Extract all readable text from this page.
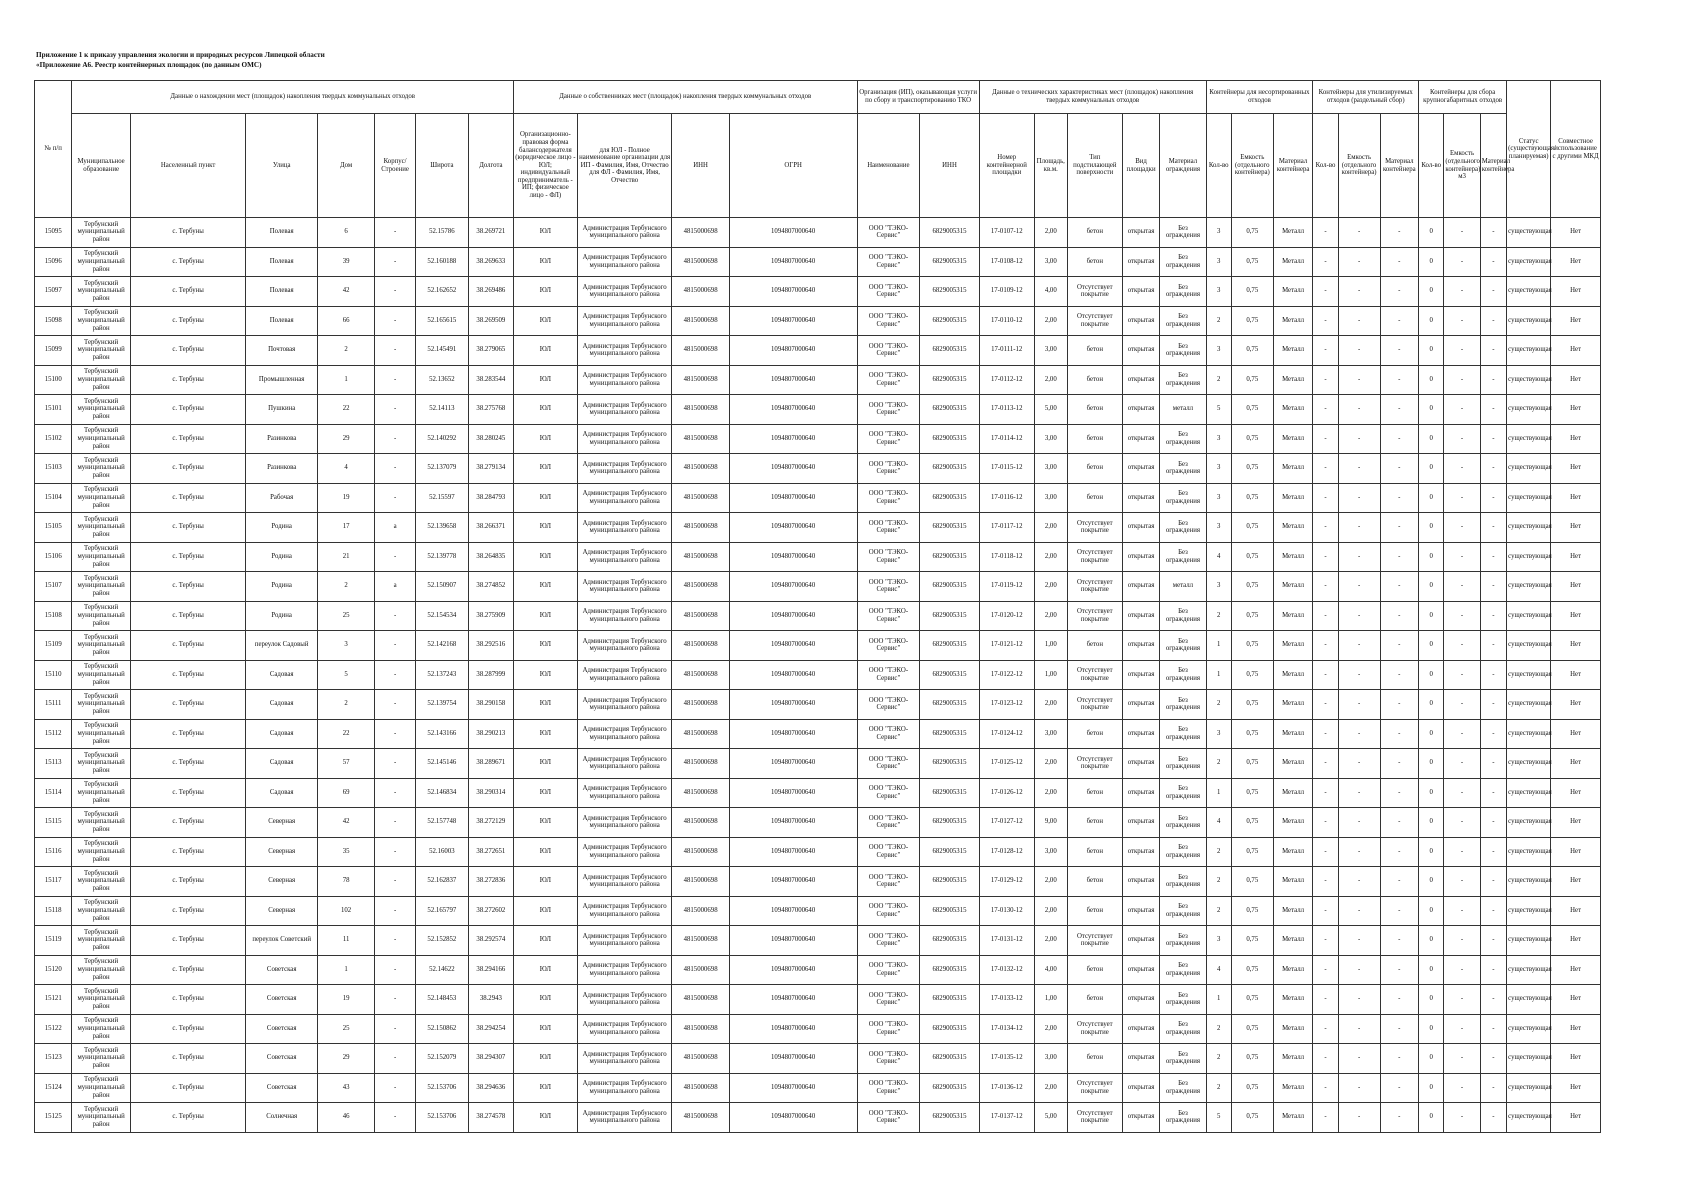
Приложение 1 к приказу управления экологии и природных ресурсов Липецкой области
«Приложение А6. Реестр контейнерных площадок (по данным ОМС)
№ п/п	Данные о нахождении мест (площадок) накопления твердых коммунальных отходов							Данные о собственниках мест (площадок) накопления твердых коммунальных отходов				Организация (ИП), оказывающая услуги по сбору и транспортированию ТКО		Данные о технических характеристиках мест (площадок) накопления твердых коммунальных отходов					Контейнеры для несортированных отходов			Контейнеры для утилизируемых отходов (раздельный сбор)			Контейнеры для сбора крупногабаритных отходов			Статус (существующая/ планируемая)	Совместное использование с другими МКД
	Муниципальное образование	Населенный пункт	Улица	Дом	Корпус/Строение	Широта	Долгота	Организационно-правовая форма балансодержателя (юридическое лицо - ЮЛ; индивидуальный предприниматель - ИП; физическое лицо - ФЛ)	для ЮЛ - Полное наименование организации для ИП - Фамилия, Имя, Отчество для ФЛ - Фамилия, Имя, Отчество	ИНН	ОГРН	Наименование	ИНН	Номер контейнерной площадки	Площадь, кв.м.	Тип подстилающей поверхности	Вид площадки	Материал ограждения	Кол-во	Емкость (отдельного контейнера)	Материал контейнера	Кол-во	Емкость (отдельного контейнера)	Материал контейнера	Кол-во	Емкость (отдельного контейнера) м3	Материал контейнера		
15095	Тербунский муниципальный район	с. Тербуны	Полевая	6	-	52.15786	38.269721	ЮЛ	Администрация Тербунского муниципального района	4815000698	1094807000640	ООО "ТЭКО-Сервис"	6829005315	17-0107-12	2,00	бетон	открытая	Без ограждения	3	0,75	Металл	-	-	-	0	-	-	существующая	Нет
15096	Тербунский муниципальный район	с. Тербуны	Полевая	39	-	52.160188	38.269633	ЮЛ	Администрация Тербунского муниципального района	4815000698	1094807000640	ООО "ТЭКО-Сервис"	6829005315	17-0108-12	3,00	бетон	открытая	Без ограждения	3	0,75	Металл	-	-	-	0	-	-	существующая	Нет
15097	Тербунский муниципальный район	с. Тербуны	Полевая	42	-	52.162652	38.269486	ЮЛ	Администрация Тербунского муниципального района	4815000698	1094807000640	ООО "ТЭКО-Сервис"	6829005315	17-0109-12	4,00	Отсутствует покрытие	открытая	Без ограждения	3	0,75	Металл	-	-	-	0	-	-	существующая	Нет
15098	Тербунский муниципальный район	с. Тербуны	Полевая	66	-	52.165615	38.269509	ЮЛ	Администрация Тербунского муниципального района	4815000698	1094807000640	ООО "ТЭКО-Сервис"	6829005315	17-0110-12	2,00	Отсутствует покрытие	открытая	Без ограждения	2	0,75	Металл	-	-	-	0	-	-	существующая	Нет
15099	Тербунский муниципальный район	с. Тербуны	Почтовая	2	-	52.145491	38.279065	ЮЛ	Администрация Тербунского муниципального района	4815000698	1094807000640	ООО "ТЭКО-Сервис"	6829005315	17-0111-12	3,00	бетон	открытая	Без ограждения	3	0,75	Металл	-	-	-	0	-	-	существующая	Нет
15100	Тербунский муниципальный район	с. Тербуны	Промышленная	1	-	52.13652	38.283544	ЮЛ	Администрация Тербунского муниципального района	4815000698	1094807000640	ООО "ТЭКО-Сервис"	6829005315	17-0112-12	2,00	бетон	открытая	Без ограждения	2	0,75	Металл	-	-	-	0	-	-	существующая	Нет
15101	Тербунский муниципальный район	с. Тербуны	Пушкина	22	-	52.14113	38.275768	ЮЛ	Администрация Тербунского муниципального района	4815000698	1094807000640	ООО "ТЭКО-Сервис"	6829005315	17-0113-12	5,00	бетон	открытая	металл	5	0,75	Металл	-	-	-	0	-	-	существующая	Нет
15102	Тербунский муниципальный район	с. Тербуны	Разинкова	29	-	52.140292	38.280245	ЮЛ	Администрация Тербунского муниципального района	4815000698	1094807000640	ООО "ТЭКО-Сервис"	6829005315	17-0114-12	3,00	бетон	открытая	Без ограждения	3	0,75	Металл	-	-	-	0	-	-	существующая	Нет
15103	Тербунский муниципальный район	с. Тербуны	Разинкова	4	-	52.137079	38.279134	ЮЛ	Администрация Тербунского муниципального района	4815000698	1094807000640	ООО "ТЭКО-Сервис"	6829005315	17-0115-12	3,00	бетон	открытая	Без ограждения	3	0,75	Металл	-	-	-	0	-	-	существующая	Нет
15104	Тербунский муниципальный район	с. Тербуны	Рабочая	19	-	52.15597	38.284793	ЮЛ	Администрация Тербунского муниципального района	4815000698	1094807000640	ООО "ТЭКО-Сервис"	6829005315	17-0116-12	3,00	бетон	открытая	Без ограждения	3	0,75	Металл	-	-	-	0	-	-	существующая	Нет
15105	Тербунский муниципальный район	с. Тербуны	Родина	17	а	52.139658	38.266371	ЮЛ	Администрация Тербунского муниципального района	4815000698	1094807000640	ООО "ТЭКО-Сервис"	6829005315	17-0117-12	2,00	Отсутствует покрытие	открытая	Без ограждения	3	0,75	Металл	-	-	-	0	-	-	существующая	Нет
15106	Тербунский муниципальный район	с. Тербуны	Родина	21	-	52.139778	38.264835	ЮЛ	Администрация Тербунского муниципального района	4815000698	1094807000640	ООО "ТЭКО-Сервис"	6829005315	17-0118-12	2,00	Отсутствует покрытие	открытая	Без ограждения	4	0,75	Металл	-	-	-	0	-	-	существующая	Нет
15107	Тербунский муниципальный район	с. Тербуны	Родина	2	а	52.150907	38.274852	ЮЛ	Администрация Тербунского муниципального района	4815000698	1094807000640	ООО "ТЭКО-Сервис"	6829005315	17-0119-12	2,00	Отсутствует покрытие	открытая	металл	3	0,75	Металл	-	-	-	0	-	-	существующая	Нет
15108	Тербунский муниципальный район	с. Тербуны	Родина	25	-	52.154534	38.275909	ЮЛ	Администрация Тербунского муниципального района	4815000698	1094807000640	ООО "ТЭКО-Сервис"	6829005315	17-0120-12	2,00	Отсутствует покрытие	открытая	Без ограждения	2	0,75	Металл	-	-	-	0	-	-	существующая	Нет
15109	Тербунский муниципальный район	с. Тербуны	переулок Садовый	3	-	52.142168	38.292516	ЮЛ	Администрация Тербунского муниципального района	4815000698	1094807000640	ООО "ТЭКО-Сервис"	6829005315	17-0121-12	1,00	бетон	открытая	Без ограждения	1	0,75	Металл	-	-	-	0	-	-	существующая	Нет
15110	Тербунский муниципальный район	с. Тербуны	Садовая	5	-	52.137243	38.287999	ЮЛ	Администрация Тербунского муниципального района	4815000698	1094807000640	ООО "ТЭКО-Сервис"	6829005315	17-0122-12	1,00	Отсутствует покрытие	открытая	Без ограждения	1	0,75	Металл	-	-	-	0	-	-	существующая	Нет
15111	Тербунский муниципальный район	с. Тербуны	Садовая	2	-	52.139754	38.290158	ЮЛ	Администрация Тербунского муниципального района	4815000698	1094807000640	ООО "ТЭКО-Сервис"	6829005315	17-0123-12	2,00	Отсутствует покрытие	открытая	Без ограждения	2	0,75	Металл	-	-	-	0	-	-	существующая	Нет
15112	Тербунский муниципальный район	с. Тербуны	Садовая	22	-	52.143166	38.290213	ЮЛ	Администрация Тербунского муниципального района	4815000698	1094807000640	ООО "ТЭКО-Сервис"	6829005315	17-0124-12	3,00	бетон	открытая	Без ограждения	3	0,75	Металл	-	-	-	0	-	-	существующая	Нет
15113	Тербунский муниципальный район	с. Тербуны	Садовая	57	-	52.145146	38.289671	ЮЛ	Администрация Тербунского муниципального района	4815000698	1094807000640	ООО "ТЭКО-Сервис"	6829005315	17-0125-12	2,00	Отсутствует покрытие	открытая	Без ограждения	2	0,75	Металл	-	-	-	0	-	-	существующая	Нет
15114	Тербунский муниципальный район	с. Тербуны	Садовая	69	-	52.146834	38.290314	ЮЛ	Администрация Тербунского муниципального района	4815000698	1094807000640	ООО "ТЭКО-Сервис"	6829005315	17-0126-12	2,00	бетон	открытая	Без ограждения	1	0,75	Металл	-	-	-	0	-	-	существующая	Нет
15115	Тербунский муниципальный район	с. Тербуны	Северная	42	-	52.157748	38.272129	ЮЛ	Администрация Тербунского муниципального района	4815000698	1094807000640	ООО "ТЭКО-Сервис"	6829005315	17-0127-12	9,00	бетон	открытая	Без ограждения	4	0,75	Металл	-	-	-	0	-	-	существующая	Нет
15116	Тербунский муниципальный район	с. Тербуны	Северная	35	-	52.16003	38.272651	ЮЛ	Администрация Тербунского муниципального района	4815000698	1094807000640	ООО "ТЭКО-Сервис"	6829005315	17-0128-12	3,00	бетон	открытая	Без ограждения	2	0,75	Металл	-	-	-	0	-	-	существующая	Нет
15117	Тербунский муниципальный район	с. Тербуны	Северная	78	-	52.162837	38.272836	ЮЛ	Администрация Тербунского муниципального района	4815000698	1094807000640	ООО "ТЭКО-Сервис"	6829005315	17-0129-12	2,00	бетон	открытая	Без ограждения	2	0,75	Металл	-	-	-	0	-	-	существующая	Нет
15118	Тербунский муниципальный район	с. Тербуны	Северная	102	-	52.165797	38.272602	ЮЛ	Администрация Тербунского муниципального района	4815000698	1094807000640	ООО "ТЭКО-Сервис"	6829005315	17-0130-12	2,00	бетон	открытая	Без ограждения	2	0,75	Металл	-	-	-	0	-	-	существующая	Нет
15119	Тербунский муниципальный район	с. Тербуны	переулок Советский	11	-	52.152852	38.292574	ЮЛ	Администрация Тербунского муниципального района	4815000698	1094807000640	ООО "ТЭКО-Сервис"	6829005315	17-0131-12	2,00	Отсутствует покрытие	открытая	Без ограждения	3	0,75	Металл	-	-	-	0	-	-	существующая	Нет
15120	Тербунский муниципальный район	с. Тербуны	Советская	1	-	52.14622	38.294166	ЮЛ	Администрация Тербунского муниципального района	4815000698	1094807000640	ООО "ТЭКО-Сервис"	6829005315	17-0132-12	4,00	бетон	открытая	Без ограждения	4	0,75	Металл	-	-	-	0	-	-	существующая	Нет
15121	Тербунский муниципальный район	с. Тербуны	Советская	19	-	52.148453	38.2943	ЮЛ	Администрация Тербунского муниципального района	4815000698	1094807000640	ООО "ТЭКО-Сервис"	6829005315	17-0133-12	1,00	бетон	открытая	Без ограждения	1	0,75	Металл	-	-	-	0	-	-	существующая	Нет
15122	Тербунский муниципальный район	с. Тербуны	Советская	25	-	52.150862	38.294254	ЮЛ	Администрация Тербунского муниципального района	4815000698	1094807000640	ООО "ТЭКО-Сервис"	6829005315	17-0134-12	2,00	Отсутствует покрытие	открытая	Без ограждения	2	0,75	Металл	-	-	-	0	-	-	существующая	Нет
15123	Тербунский муниципальный район	с. Тербуны	Советская	29	-	52.152079	38.294307	ЮЛ	Администрация Тербунского муниципального района	4815000698	1094807000640	ООО "ТЭКО-Сервис"	6829005315	17-0135-12	3,00	бетон	открытая	Без ограждения	2	0,75	Металл	-	-	-	0	-	-	существующая	Нет
15124	Тербунский муниципальный район	с. Тербуны	Советская	43	-	52.153706	38.294636	ЮЛ	Администрация Тербунского муниципального района	4815000698	1094807000640	ООО "ТЭКО-Сервис"	6829005315	17-0136-12	2,00	Отсутствует покрытие	открытая	Без ограждения	2	0,75	Металл	-	-	-	0	-	-	существующая	Нет
15125	Тербунский муниципальный район	с. Тербуны	Солнечная	46	-	52.153706	38.274578	ЮЛ	Администрация Тербунского муниципального района	4815000698	1094807000640	ООО "ТЭКО-Сервис"	6829005315	17-0137-12	5,00	Отсутствует покрытие	открытая	Без ограждения	5	0,75	Металл	-	-	-	0	-	-	существующая	Нет
